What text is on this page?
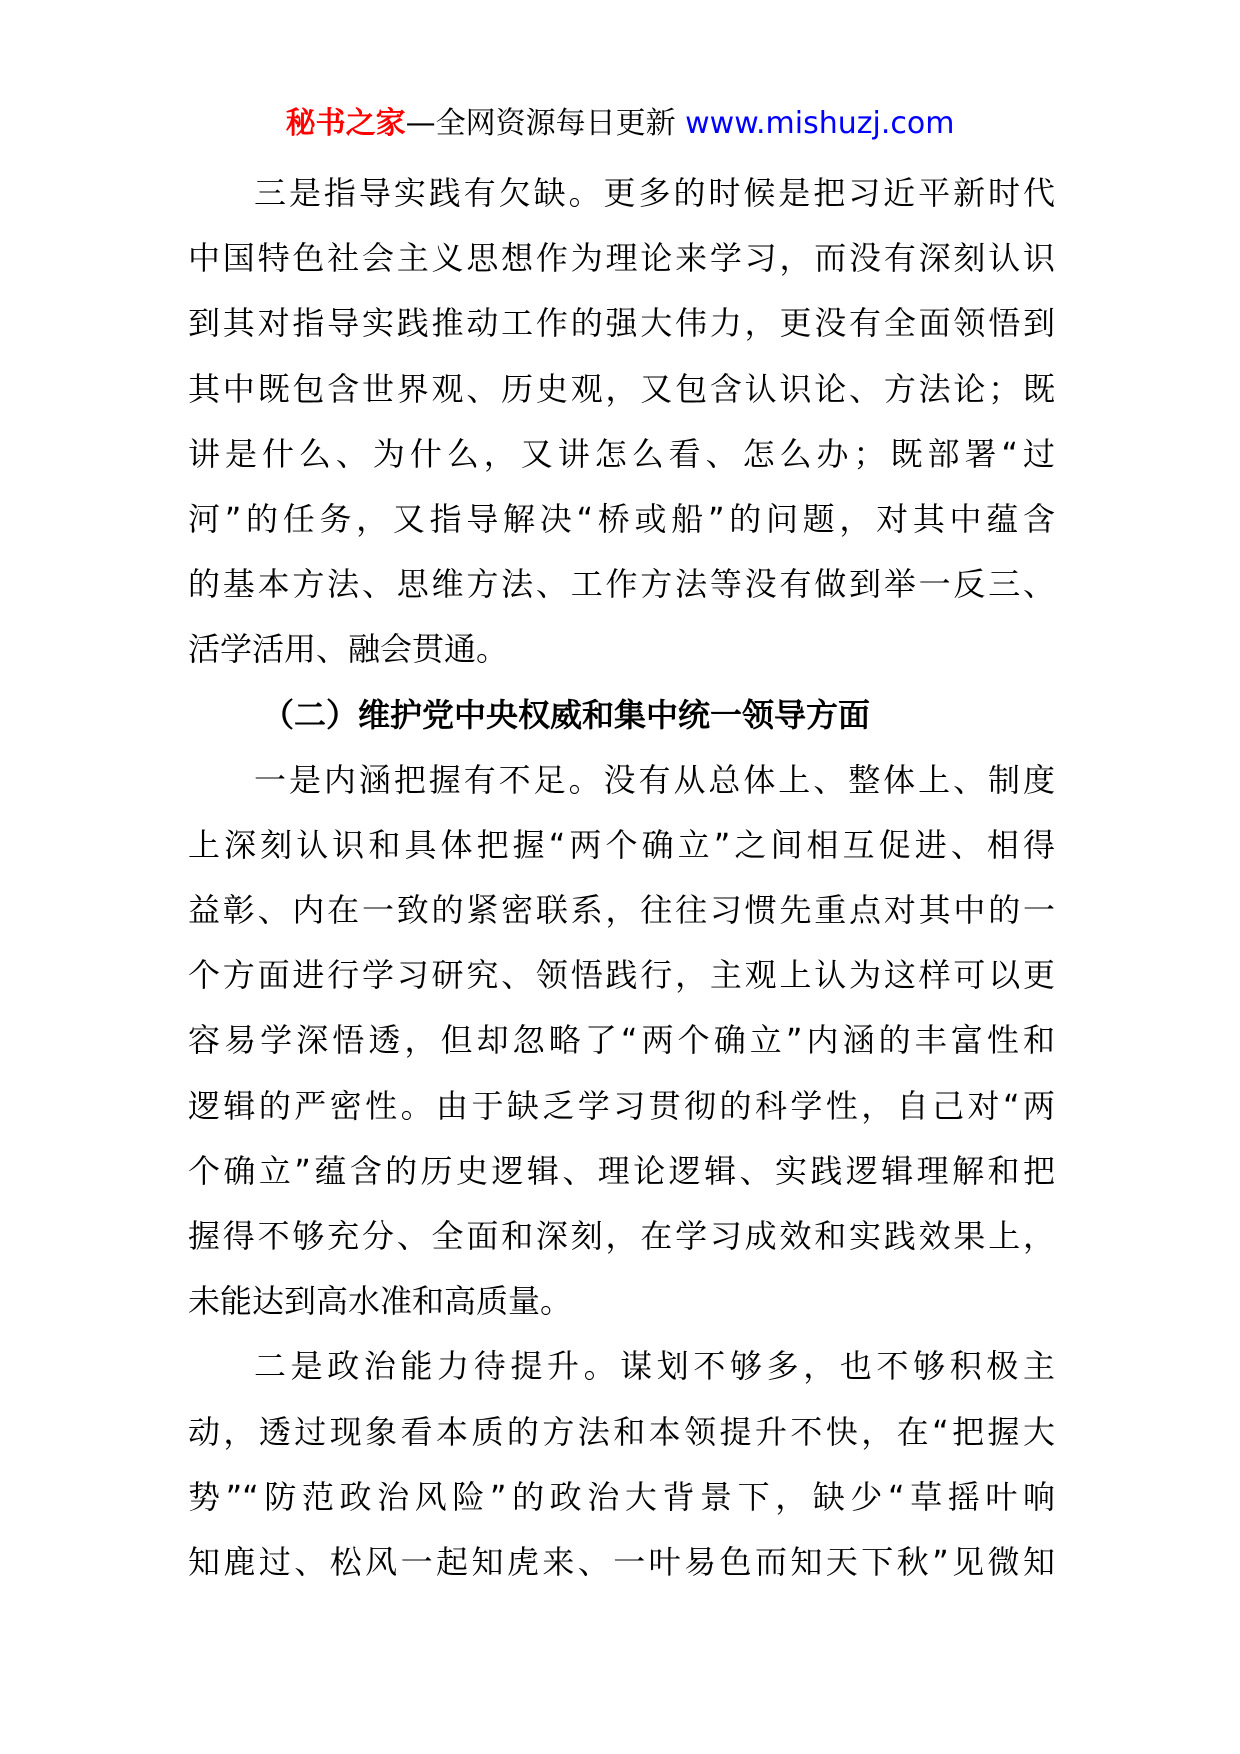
秘书之家—全网资源每日更新 www.mishuzj.com
三是指导实践有欠缺。更多的时候是把习近平新时代
中国特色社会主义思想作为理论来学习，而没有深刻认识
到其对指导实践推动工作的强大伟力，更没有全面领悟到
其中既包含世界观、历史观，又包含认识论、方法论；既
讲是什么、为什么，又讲怎么看、怎么办；既部署“过
河”的任务，又指导解决“桥或船”的问题，对其中蕴含
的基本方法、思维方法、工作方法等没有做到举一反三、
活学活用、融会贯通。
（二）维护党中央权威和集中统一领导方面
一是内涵把握有不足。没有从总体上、整体上、制度
上深刻认识和具体把握“两个确立”之间相互促进、相得
益彰、内在一致的紧密联系，往往习惯先重点对其中的一
个方面进行学习研究、领悟践行，主观上认为这样可以更
容易学深悟透，但却忽略了“两个确立”内涵的丰富性和
逻辑的严密性。由于缺乏学习贯彻的科学性，自己对“两
个确立”蕴含的历史逻辑、理论逻辑、实践逻辑理解和把
握得不够充分、全面和深刻，在学习成效和实践效果上，
未能达到高水准和高质量。
二是政治能力待提升。谋划不够多，也不够积极主
动，透过现象看本质的方法和本领提升不快，在“把握大
势”“防范政治风险”的政治大背景下，缺少“草摇叶响
知鹿过、松风一起知虎来、一叶易色而知天下秋”见微知
